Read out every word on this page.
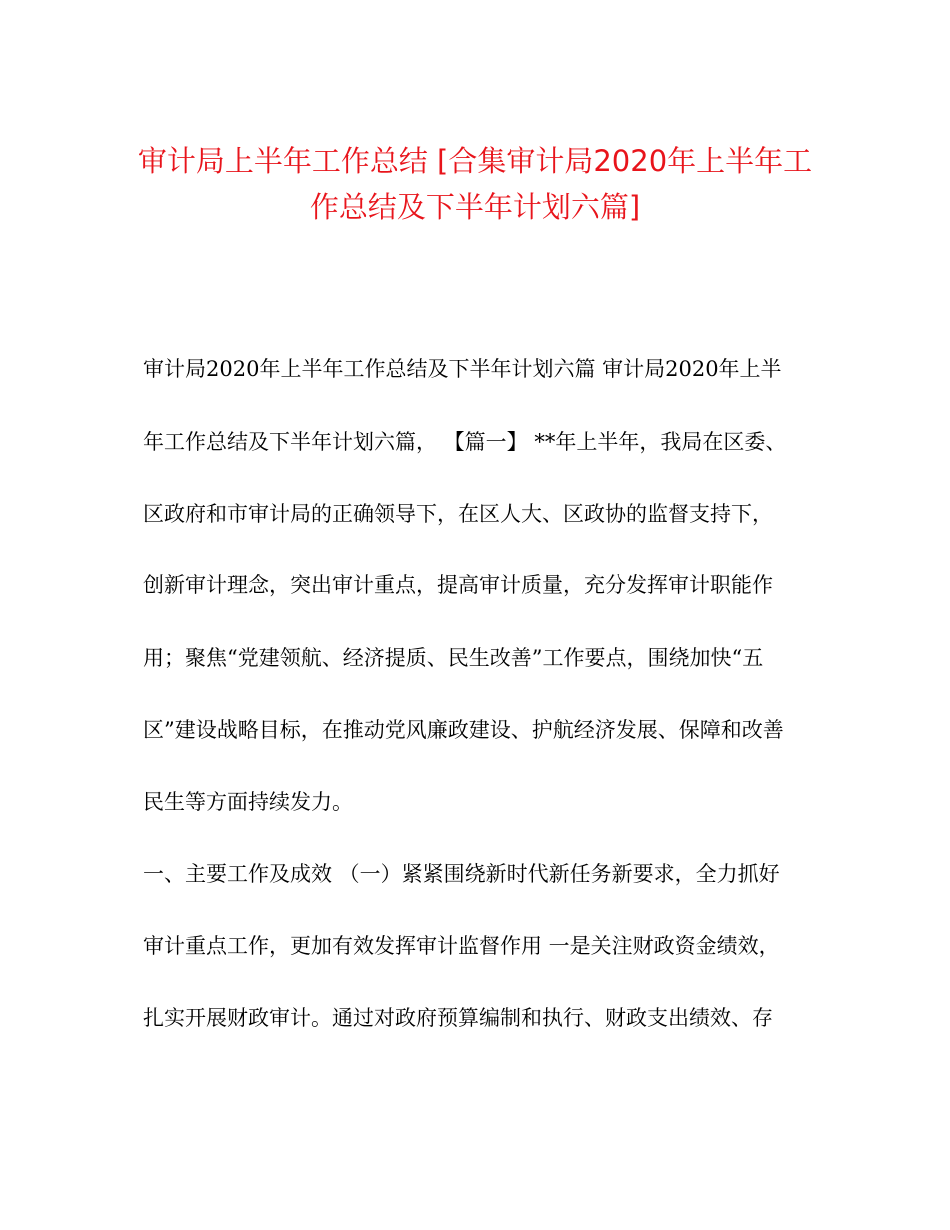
审计局上半年工作总结 [合集审计局2020年上半年工
作总结及下半年计划六篇]
审计局2020年上半年工作总结及下半年计划六篇 审计局2020年上半
年工作总结及下半年计划六篇， 【篇一】 **年上半年，我局在区委、
区政府和市审计局的正确领导下，在区人大、区政协的监督支持下，
创新审计理念，突出审计重点，提高审计质量，充分发挥审计职能作
用；聚焦“党建领航、经济提质、民生改善”工作要点，围绕加快“五
区”建设战略目标，在推动党风廉政建设、护航经济发展、保障和改善
民生等方面持续发力。
一、主要工作及成效 （一）紧紧围绕新时代新任务新要求，全力抓好
审计重点工作，更加有效发挥审计监督作用 一是关注财政资金绩效，
扎实开展财政审计。通过对政府预算编制和执行、财政支出绩效、存
